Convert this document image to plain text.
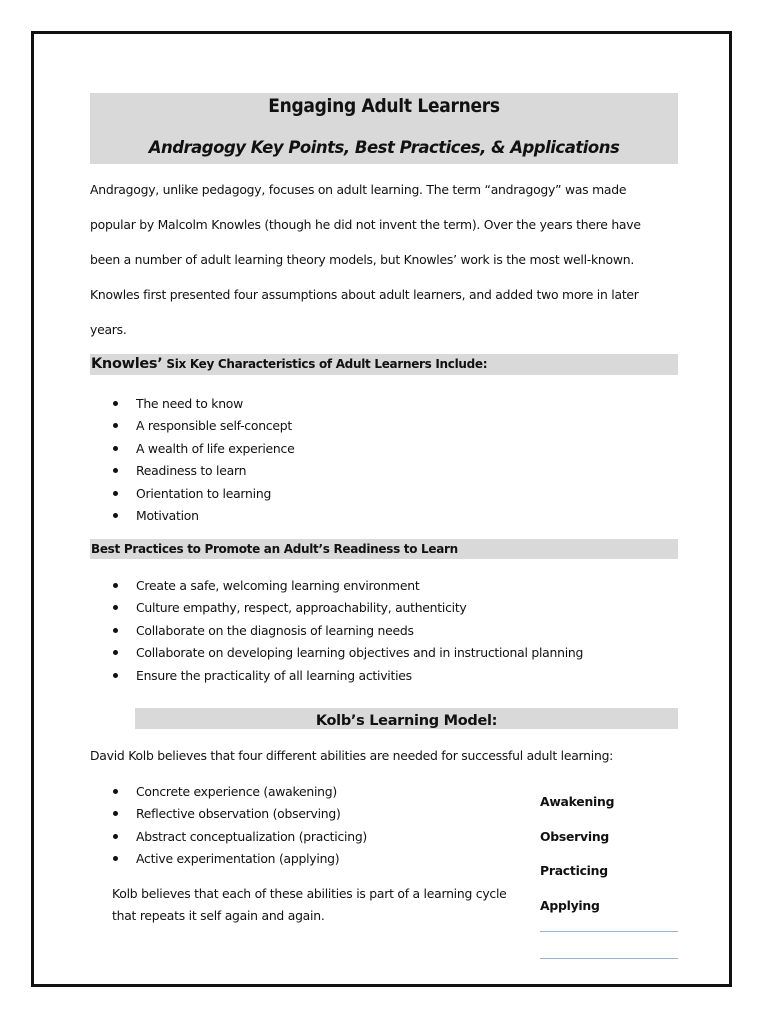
Engaging Adult Learners
Andragogy Key Points, Best Practices, & Applications
Andragogy, unlike pedagogy, focuses on adult learning. The term “andragogy” was made
popular by Malcolm Knowles (though he did not invent the term). Over the years there have
been a number of adult learning theory models, but Knowles’ work is the most well-known.
Knowles first presented four assumptions about adult learners, and added two more in later
years.
Knowles’ Six Key Characteristics of Adult Learners Include:
The need to know
A responsible self-concept
A wealth of life experience
Readiness to learn
Orientation to learning
Motivation
Best Practices to Promote an Adult’s Readiness to Learn
Create a safe, welcoming learning environment
Culture empathy, respect, approachability, authenticity
Collaborate on the diagnosis of learning needs
Collaborate on developing learning objectives and in instructional planning
Ensure the practicality of all learning activities
Kolb’s Learning Model:
David Kolb believes that four different abilities are needed for successful adult learning:
Concrete experience (awakening)
Reflective observation (observing)
Abstract conceptualization (practicing)
Active experimentation (applying)
Kolb believes that each of these abilities is part of a learning cycle
that repeats it self again and again.
Awakening
Observing
Practicing
Applying
